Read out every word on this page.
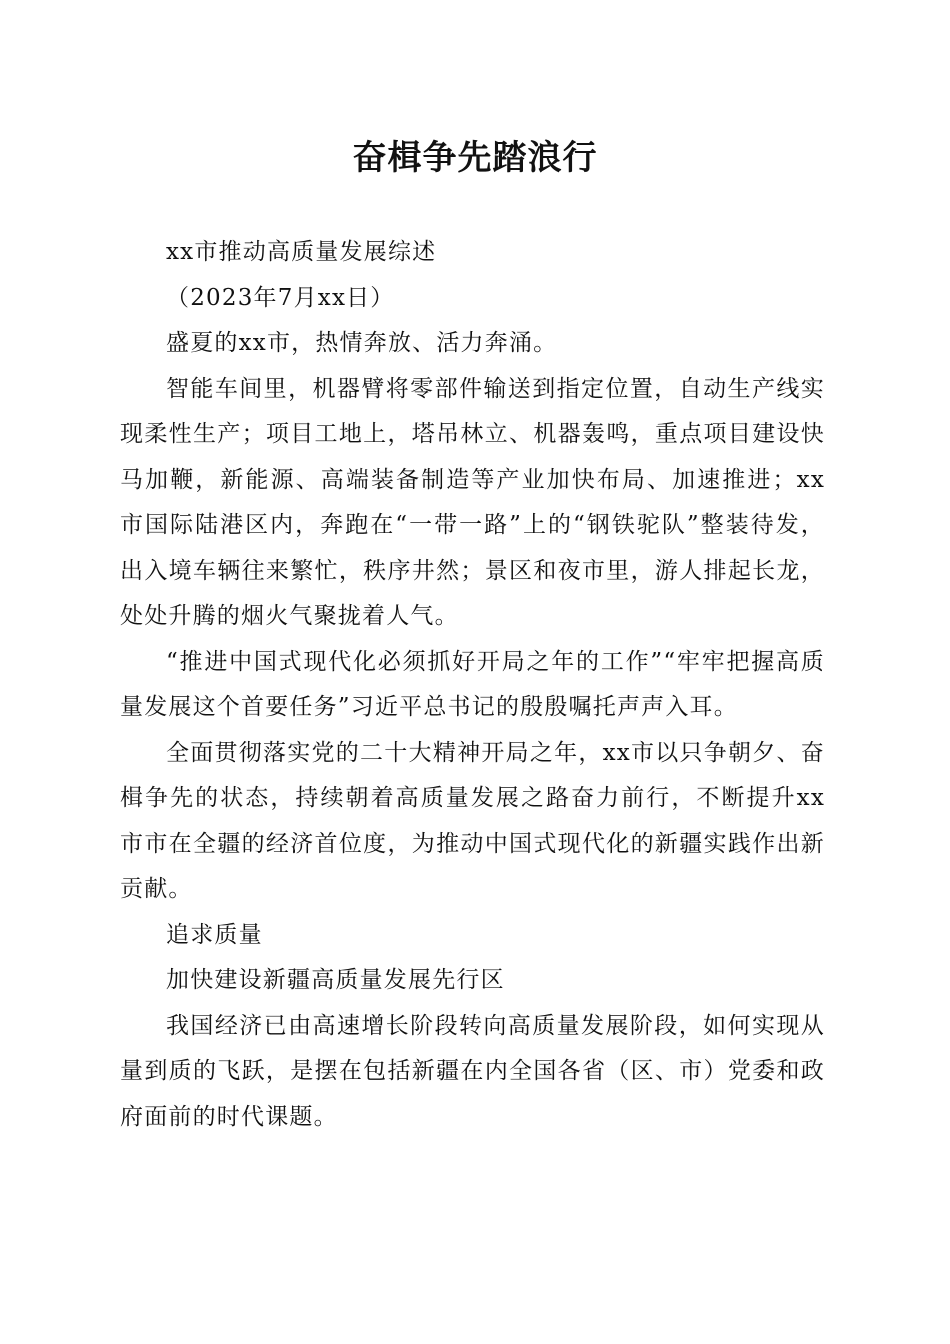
奋楫争先踏浪行

xx市推动高质量发展综述

（2023年7月xx日）

盛夏的xx市，热情奔放、活力奔涌。

智能车间里，机器臂将零部件输送到指定位置，自动生产线实现柔性生产；项目工地上，塔吊林立、机器轰鸣，重点项目建设快马加鞭，新能源、高端装备制造等产业加快布局、加速推进；xx市国际陆港区内，奔跑在“一带一路”上的“钢铁驼队”整装待发，出入境车辆往来繁忙，秩序井然；景区和夜市里，游人排起长龙，处处升腾的烟火气聚拢着人气。

“推进中国式现代化必须抓好开局之年的工作”“牢牢把握高质量发展这个首要任务”习近平总书记的殷殷嘱托声声入耳。

全面贯彻落实党的二十大精神开局之年，xx市以只争朝夕、奋楫争先的状态，持续朝着高质量发展之路奋力前行，不断提升xx市市在全疆的经济首位度，为推动中国式现代化的新疆实践作出新贡献。

追求质量

加快建设新疆高质量发展先行区

我国经济已由高速增长阶段转向高质量发展阶段，如何实现从量到质的飞跃，是摆在包括新疆在内全国各省（区、市）党委和政府面前的时代课题。
